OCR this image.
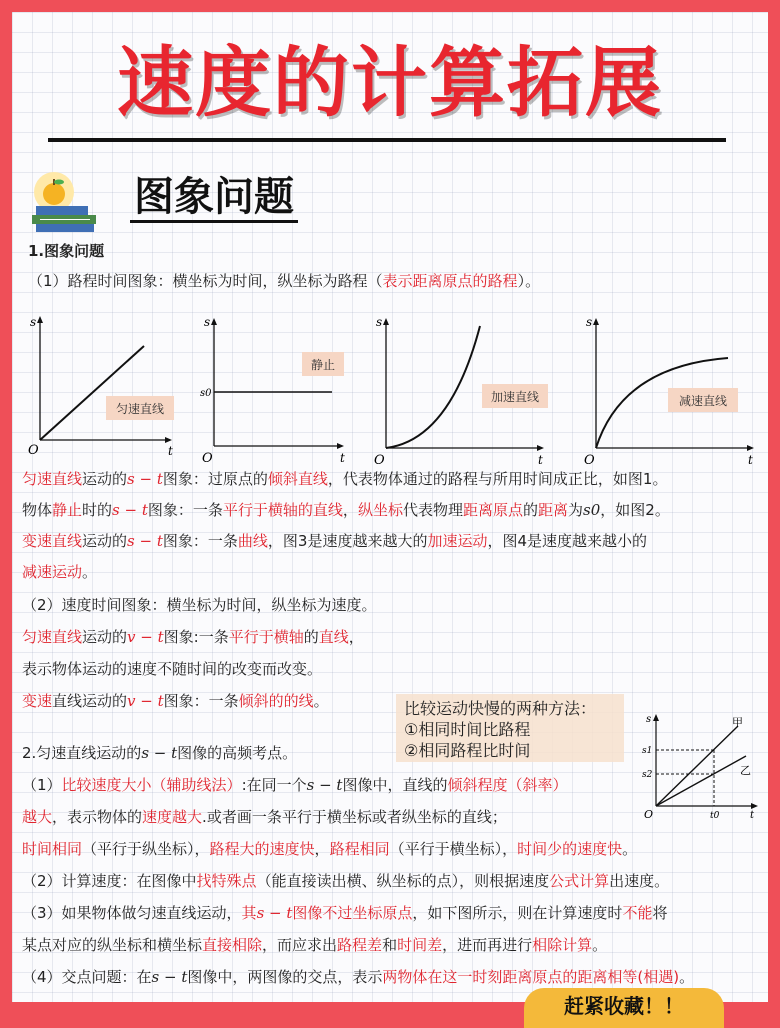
速度的计算拓展
图象问题
1.图象问题
（1）路程时间图象：横坐标为时间，纵坐标为路程（表示距离原点的路程）。
s
t
O
匀速直线
s
s0
t
O
静止
s
t
O
加速直线
s
t
O
减速直线
匀速直线运动的s − t图象：过原点的倾斜直线，代表物体通过的路程与所用时间成正比，如图1。
物体静止时的s − t图象：一条平行于横轴的直线，纵坐标代表物理距离原点的距离为s0，如图2。
变速直线运动的s − t图象：一条曲线，图3是速度越来越大的加速运动，图4是速度越来越小的
减速运动。
（2）速度时间图象：横坐标为时间，纵坐标为速度。
匀速直线运动的v − t图象:一条平行于横轴的直线，
表示物体运动的速度不随时间的改变而改变。
变速直线运动的v − t图象：一条倾斜的的线。	比较运动快慢的两种方法：
①相同时间比路程
②相同路程比时间
s
s1
s2
t0	t
O
甲
乙
2.匀速直线运动的s − t图像的高频考点。
（1）比较速度大小（辅助线法）:在同一个s − t图像中，直线的倾斜程度（斜率）
越大，表示物体的速度越大.或者画一条平行于横坐标或者纵坐标的直线；
时间相同（平行于纵坐标），路程大的速度快，路程相同（平行于横坐标），时间少的速度快。
（2）计算速度：在图像中找特殊点（能直接读出横、纵坐标的点），则根据速度公式计算出速度。
（3）如果物体做匀速直线运动，其s − t图像不过坐标原点，如下图所示，则在计算速度时不能将
某点对应的纵坐标和横坐标直接相除，而应求出路程差和时间差，进而再进行相除计算。
（4）交点问题：在s − t图像中，两图像的交点，表示两物体在这一时刻距离原点的距离相等(相遇)。
赶紧收藏！！
